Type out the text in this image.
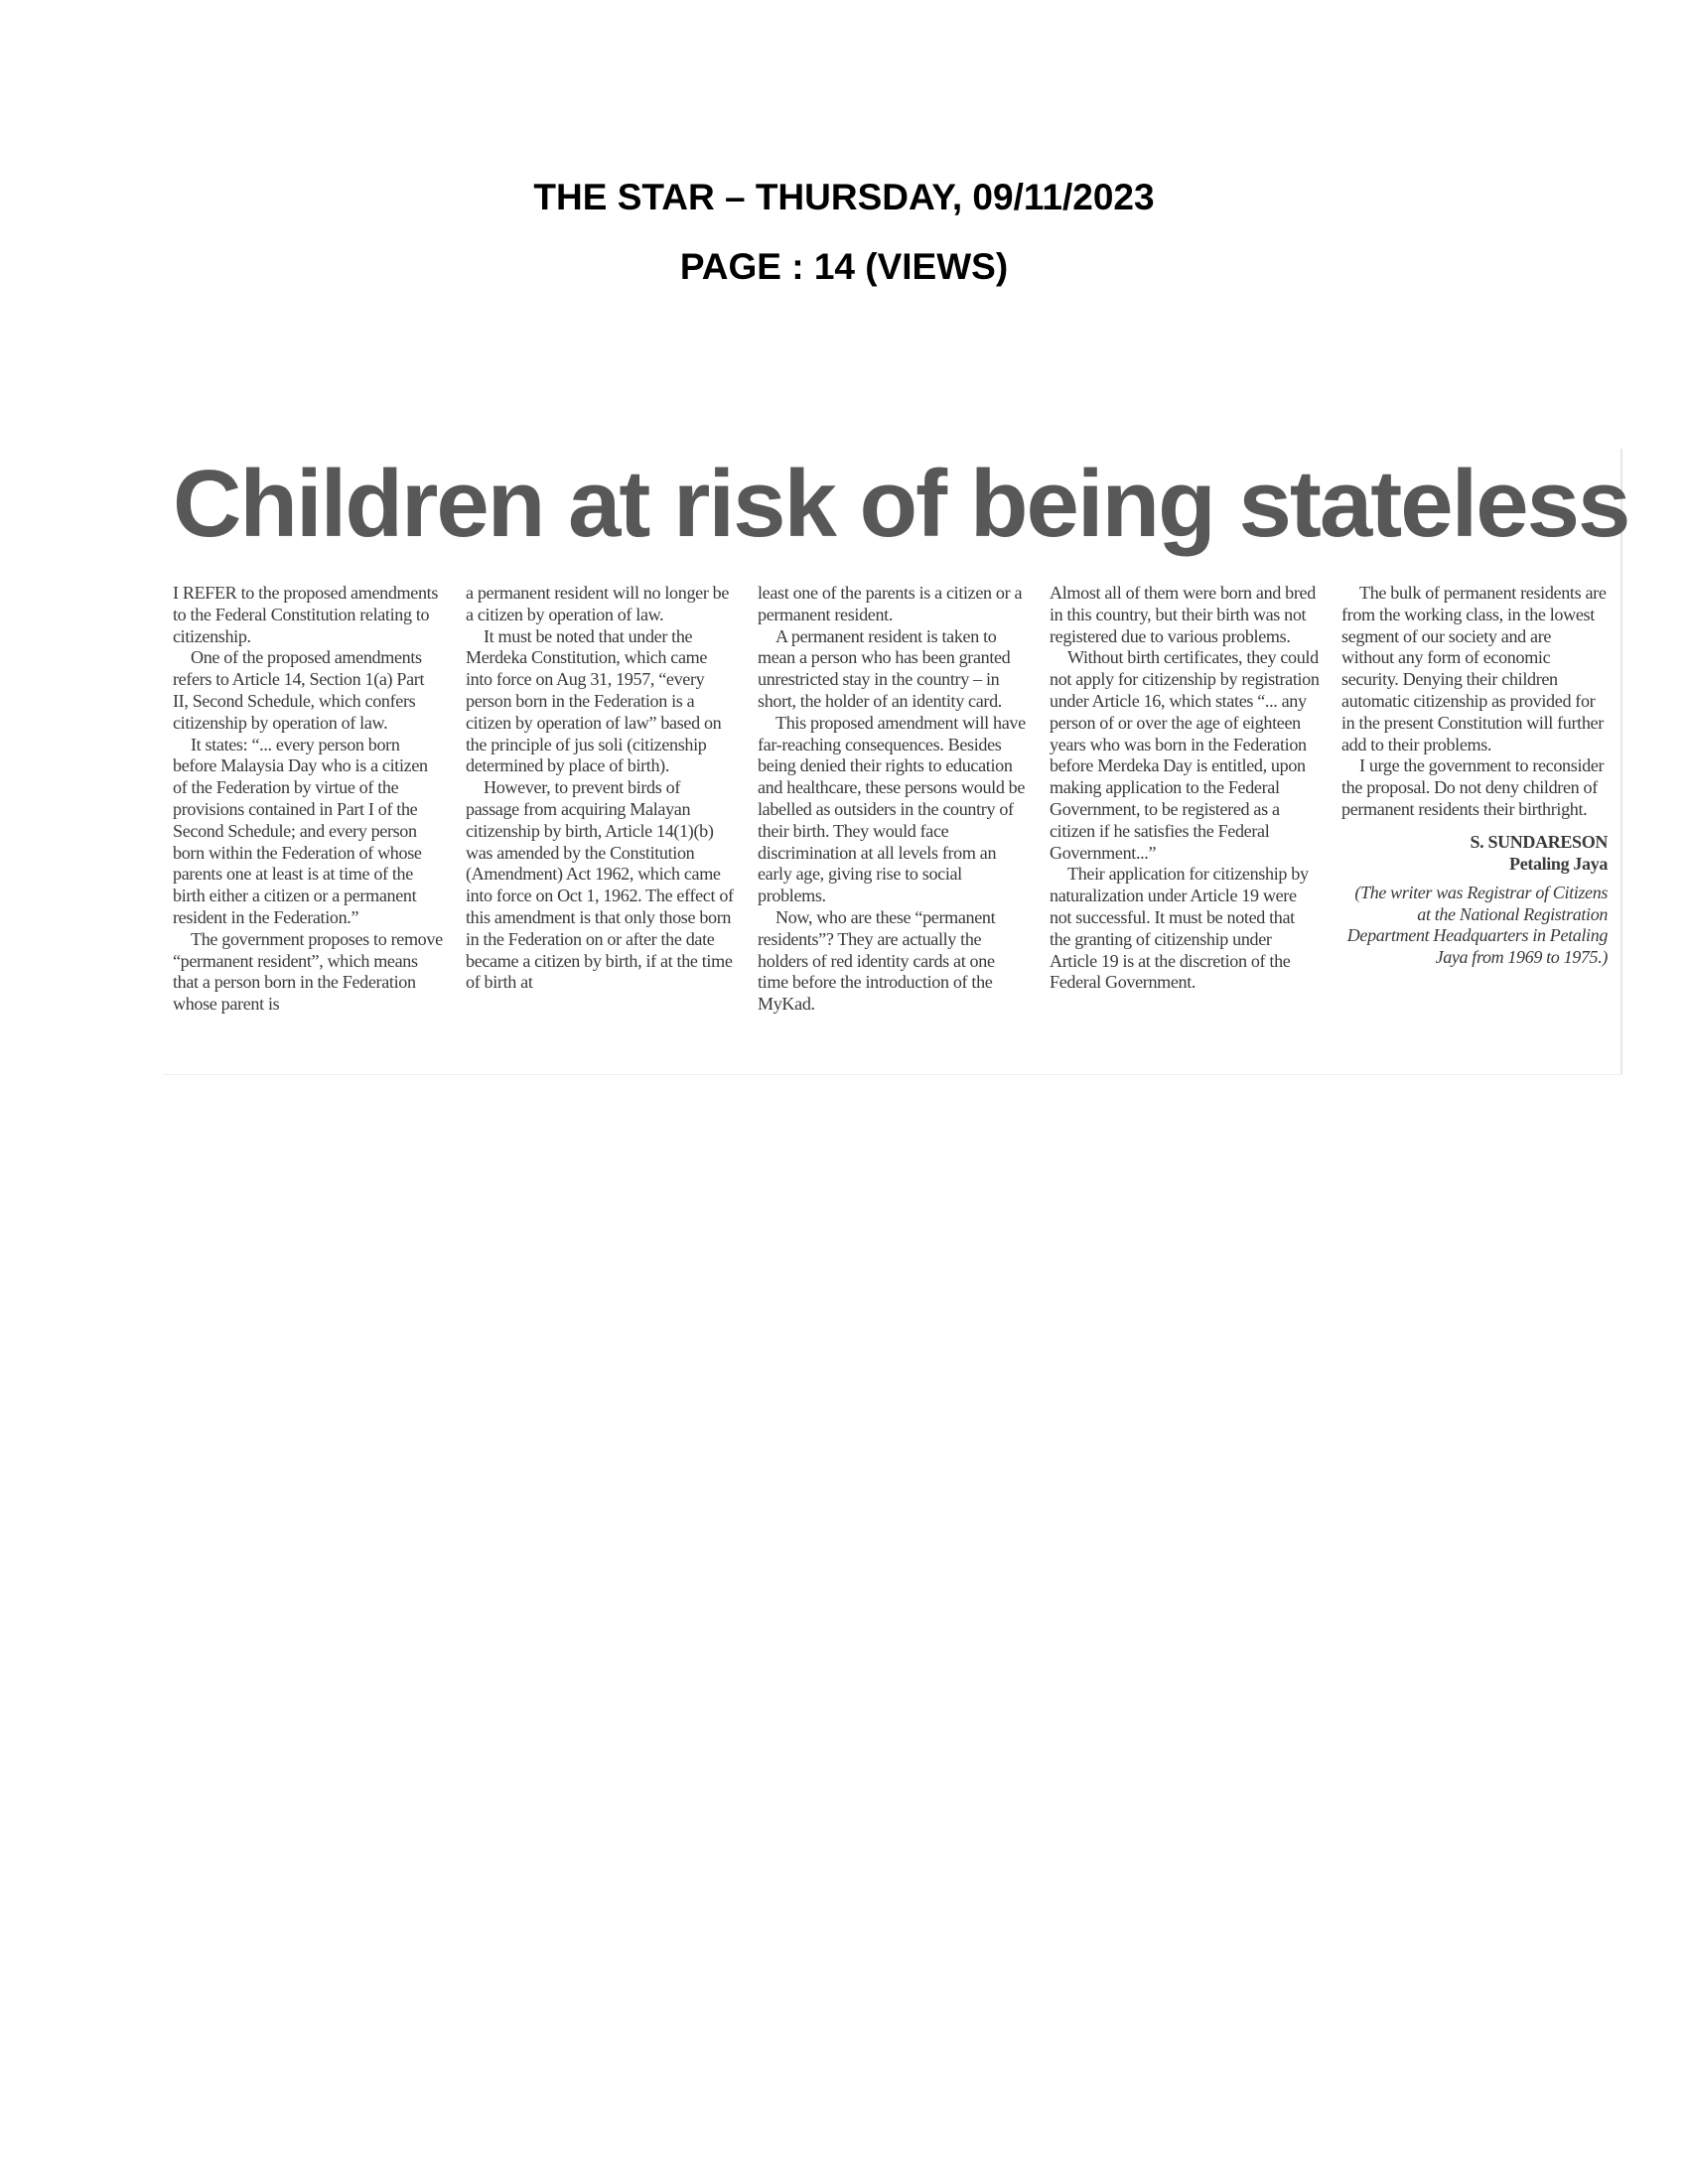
THE STAR – THURSDAY, 09/11/2023
PAGE : 14 (VIEWS)
Children at risk of being stateless

I REFER to the proposed amendments to the Federal Constitution relating to citizenship.

One of the proposed amendments refers to Article 14, Section 1(a) Part II, Second Schedule, which confers citizenship by operation of law.

It states: “... every person born before Malaysia Day who is a citizen of the Federation by virtue of the provisions contained in Part I of the Second Schedule; and every person born within the Federation of whose parents one at least is at time of the birth either a citizen or a permanent resident in the Federation.”

The government proposes to remove “permanent resident”, which means that a person born in the Federation whose parent is

a permanent resident will no longer be a citizen by operation of law.

It must be noted that under the Merdeka Constitution, which came into force on Aug 31, 1957, “every person born in the Federation is a citizen by operation of law” based on the principle of jus soli (citizenship determined by place of birth).

However, to prevent birds of passage from acquiring Malayan citizenship by birth, Article 14(1)(b) was amended by the Constitution (Amendment) Act 1962, which came into force on Oct 1, 1962. The effect of this amendment is that only those born in the Federation on or after the date became a citizen by birth, if at the time of birth at

least one of the parents is a citizen or a permanent resident.

A permanent resident is taken to mean a person who has been granted unrestricted stay in the country – in short, the holder of an identity card.

This proposed amendment will have far-reaching consequences. Besides being denied their rights to education and healthcare, these persons would be labelled as outsiders in the country of their birth. They would face discrimination at all levels from an early age, giving rise to social problems.

Now, who are these “permanent residents”? They are actually the holders of red identity cards at one time before the introduction of the MyKad.

Almost all of them were born and bred in this country, but their birth was not registered due to various problems.

Without birth certificates, they could not apply for citizenship by registration under Article 16, which states “... any person of or over the age of eighteen years who was born in the Federation before Merdeka Day is entitled, upon making application to the Federal Government, to be registered as a citizen if he satisfies the Federal Government...”

Their application for citizenship by naturalization under Article 19 were not successful. It must be noted that the granting of citizenship under Article 19 is at the discretion of the Federal Government.

The bulk of permanent residents are from the working class, in the lowest segment of our society and are without any form of economic security. Denying their children automatic citizenship as provided for in the present Constitution will further add to their problems.

I urge the government to reconsider the proposal. Do not deny children of permanent residents their birthright.

S. SUNDARESON
Petaling Jaya
(The writer was Registrar of Citizens at the National Registration Department Headquarters in Petaling Jaya from 1969 to 1975.)
